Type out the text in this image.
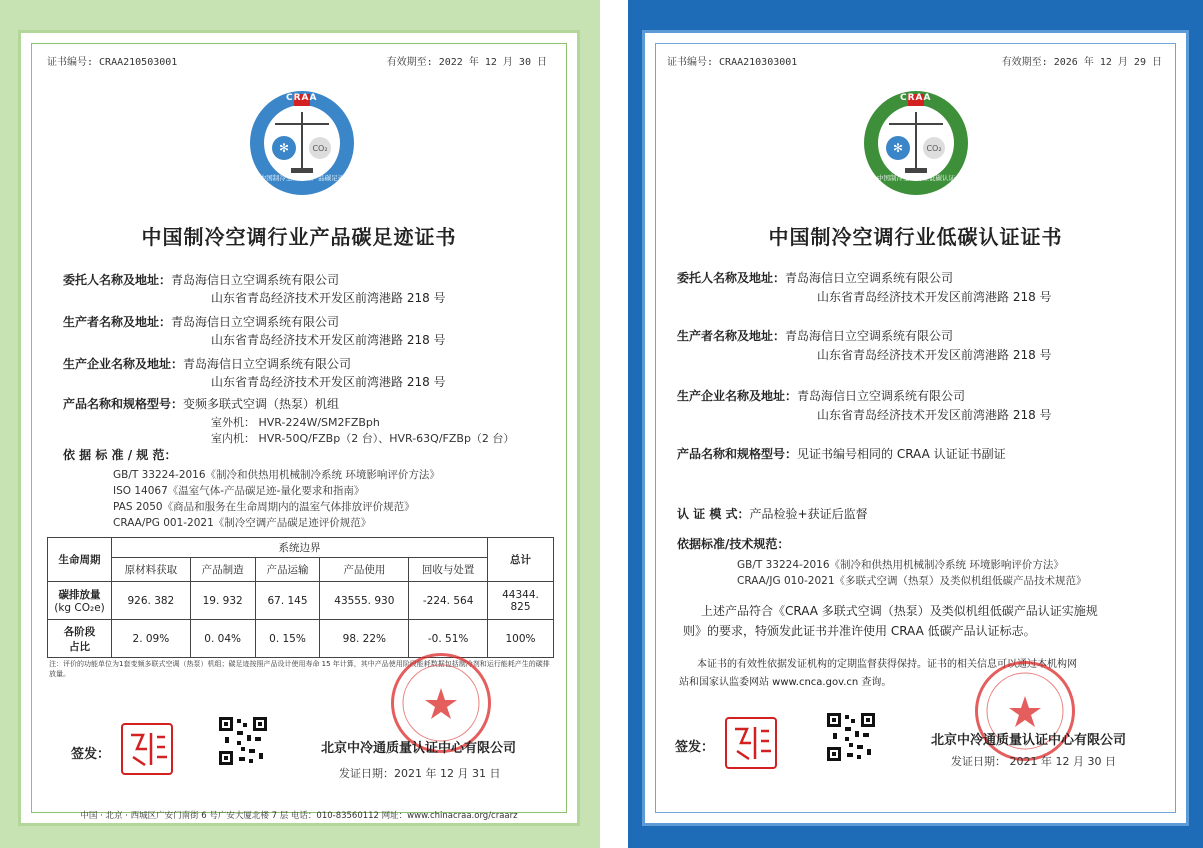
证书编号: CRAA210503001	有效期至: 2022 年 12 月 30 日
✻	CO₂
CRAA
中国制冷空调行业产品碳足迹
中国制冷空调行业产品碳足迹证书
委托人名称及地址：青岛海信日立空调系统有限公司
山东省青岛经济技术开发区前湾港路 218 号
生产者名称及地址：青岛海信日立空调系统有限公司
山东省青岛经济技术开发区前湾港路 218 号
生产企业名称及地址：青岛海信日立空调系统有限公司
山东省青岛经济技术开发区前湾港路 218 号
产品名称和规格型号：变频多联式空调（热泵）机组
室外机： HVR-224W/SM2FZBph
室内机： HVR-50Q/FZBp（2 台）、HVR-63Q/FZBp（2 台）
依 据 标 准 / 规 范：
GB/T 33224-2016《制冷和供热用机械制冷系统 环境影响评价方法》
ISO 14067《温室气体-产品碳足迹-量化要求和指南》
PAS 2050《商品和服务在生命周期内的温室气体排放评价规范》
CRAA/PG 001-2021《制冷空调产品碳足迹评价规范》
生命周期	系统边界					总计
	原材料获取	产品制造	产品运输	产品使用	回收与处置	
碳排放量
(kg CO₂e)	926. 382	19. 932	67. 145	43555. 930	-224. 564	44344. 825
各阶段
占比	2. 09%	0. 04%	0. 15%	98. 22%	-0. 51%	100%
注：评价的功能单位为1套变频多联式空调（热泵）机组；碳足迹按照产品设计使用寿命 15 年计算，其中产品使用阶段能耗数据包括制冷剂和运行能耗产生的碳排放量。
签发：	北京中冷通质量认证中心有限公司
发证日期：2021 年 12 月 31 日
中国 · 北京 · 西城区广安门南街 6 号广安大厦北楼 7 层 电话：010-83560112 网址：www.chinacraa.org/craarz
证书编号: CRAA210303001	有效期至: 2026 年 12 月 29 日
✻	CO₂
CRAA
中国制冷空调行业低碳认证
中国制冷空调行业低碳认证证书
委托人名称及地址：青岛海信日立空调系统有限公司
山东省青岛经济技术开发区前湾港路 218 号
生产者名称及地址：青岛海信日立空调系统有限公司
山东省青岛经济技术开发区前湾港路 218 号
生产企业名称及地址：青岛海信日立空调系统有限公司
山东省青岛经济技术开发区前湾港路 218 号
产品名称和规格型号：见证书编号相同的 CRAA 认证证书副证
认 证 模 式：产品检验+获证后监督
依据标准/技术规范：
GB/T 33224-2016《制冷和供热用机械制冷系统 环境影响评价方法》
CRAA/JG 010-2021《多联式空调（热泵）及类似机组低碳产品技术规范》
上述产品符合《CRAA 多联式空调（热泵）及类似机组低碳产品认证实施规
则》的要求，特颁发此证书并准许使用 CRAA 低碳产品认证标志。
本证书的有效性依据发证机构的定期监督获得保持。证书的相关信息可以通过本机构网
站和国家认监委网站 www.cnca.gov.cn 查询。
签发：	北京中冷通质量认证中心有限公司
发证日期： 2021 年 12 月 30 日
